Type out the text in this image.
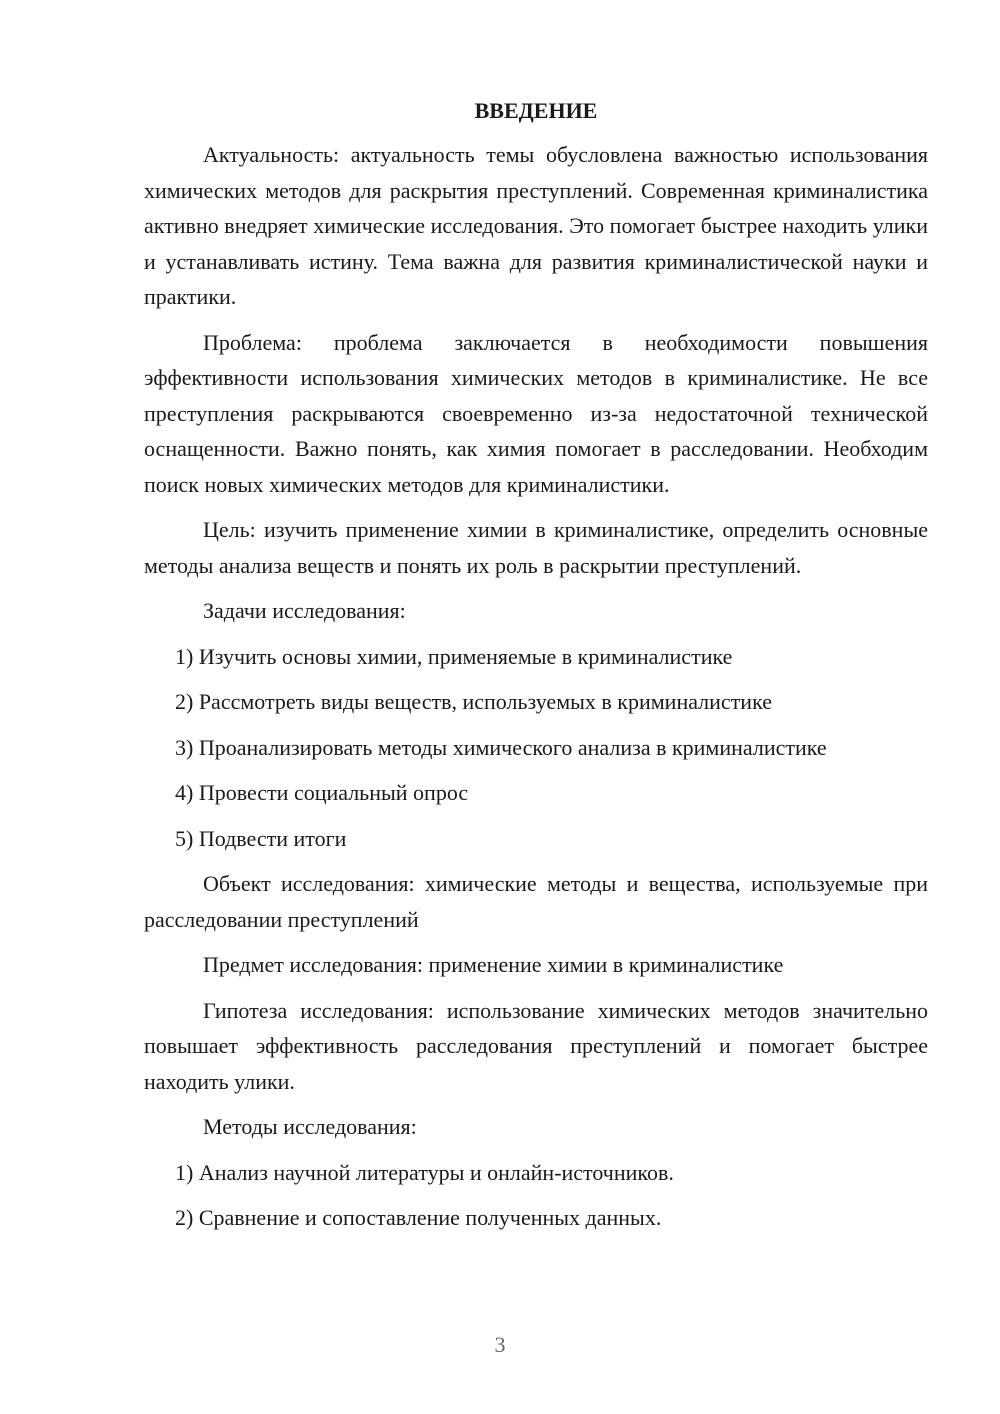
ВВЕДЕНИЕ
Актуальность: актуальность темы обусловлена важностью использования химических методов для раскрытия преступлений. Современная криминалистика активно внедряет химические исследования. Это помогает быстрее находить улики и устанавливать истину. Тема важна для развития криминалистической науки и практики.
Проблема: проблема заключается в необходимости повышения эффективности использования химических методов в криминалистике. Не все преступления раскрываются своевременно из-за недостаточной технической оснащенности. Важно понять, как химия помогает в расследовании. Необходим поиск новых химических методов для криминалистики.
Цель: изучить применение химии в криминалистике, определить основные методы анализа веществ и понять их роль в раскрытии преступлений.
Задачи исследования:
1) Изучить основы химии, применяемые в криминалистике
2) Рассмотреть виды веществ, используемых в криминалистике
3) Проанализировать методы химического анализа в криминалистике
4) Провести социальный опрос
5) Подвести итоги
Объект исследования: химические методы и вещества, используемые при расследовании преступлений
Предмет исследования: применение химии в криминалистике
Гипотеза исследования: использование химических методов значительно повышает эффективность расследования преступлений и помогает быстрее находить улики.
Методы исследования:
1) Анализ научной литературы и онлайн-источников.
2) Сравнение и сопоставление полученных данных.
3
